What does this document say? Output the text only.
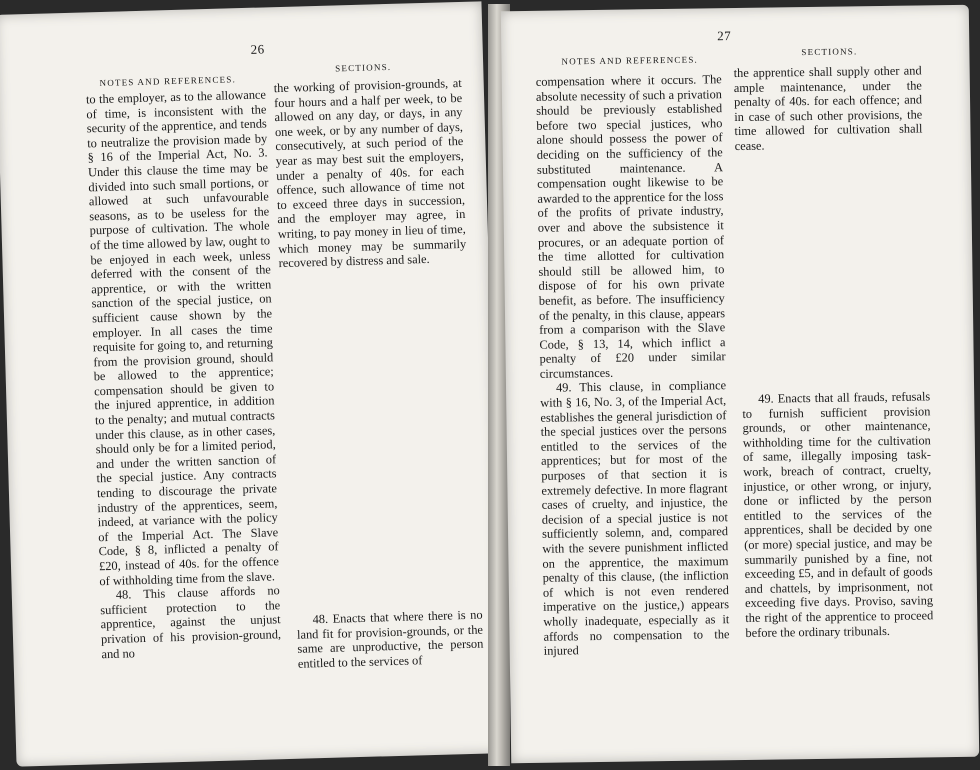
26
NOTES AND REFERENCES.
SECTIONS.

to the employer, as to the allowance of time, is inconsistent with the security of the apprentice, and tends to neutralize the provision made by § 16 of the Imperial Act, No. 3. Under this clause the time may be divided into such small portions, or allowed at such unfavourable seasons, as to be useless for the purpose of cultivation. The whole of the time allowed by law, ought to be enjoyed in each week, unless deferred with the consent of the apprentice, or with the written sanction of the special justice, on sufficient cause shown by the employer. In all cases the time requisite for going to, and returning from the provision ground, should be allowed to the apprentice; compensation should be given to the injured apprentice, in addition to the penalty; and mutual contracts under this clause, as in other cases, should only be for a limited period, and under the written sanction of the special justice. Any contracts tending to discourage the private industry of the apprentices, seem, indeed, at variance with the policy of the Imperial Act. The Slave Code, § 8, inflicted a penalty of £20, instead of 40s. for the offence of withholding time from the slave.

48. This clause affords no sufficient protection to the apprentice, against the unjust privation of his provision-ground, and no

the working of provision-grounds, at four hours and a half per week, to be allowed on any day, or days, in any one week, or by any number of days, consecutively, at such period of the year as may best suit the employers, under a penalty of 40s. for each offence, such allowance of time not to exceed three days in succession, and the employer may agree, in writing, to pay money in lieu of time, which money may be summarily recovered by distress and sale.

48. Enacts that where there is no land fit for provision-grounds, or the same are unproductive, the person entitled to the services of

27
NOTES AND REFERENCES.
SECTIONS.

compensation where it occurs. The absolute necessity of such a privation should be previously established before two special justices, who alone should possess the power of deciding on the sufficiency of the substituted maintenance. A compensation ought likewise to be awarded to the apprentice for the loss of the profits of private industry, over and above the subsistence it procures, or an adequate portion of the time allotted for cultivation should still be allowed him, to dispose of for his own private benefit, as before. The insufficiency of the penalty, in this clause, appears from a comparison with the Slave Code, § 13, 14, which inflict a penalty of £20 under similar circumstances.

49. This clause, in compliance with § 16, No. 3, of the Imperial Act, establishes the general jurisdiction of the special justices over the persons entitled to the services of the apprentices; but for most of the purposes of that section it is extremely defective. In more flagrant cases of cruelty, and injustice, the decision of a special justice is not sufficiently solemn, and, compared with the severe punishment inflicted on the apprentice, the maximum penalty of this clause, (the infliction of which is not even rendered imperative on the justice,) appears wholly inadequate, especially as it affords no compensation to the injured

the apprentice shall supply other and ample maintenance, under the penalty of 40s. for each offence; and in case of such other provisions, the time allowed for cultivation shall cease.

49. Enacts that all frauds, refusals to furnish sufficient provision grounds, or other maintenance, withholding time for the cultivation of same, illegally imposing task-work, breach of contract, cruelty, injustice, or other wrong, or injury, done or inflicted by the person entitled to the services of the apprentices, shall be decided by one (or more) special justice, and may be summarily punished by a fine, not exceeding £5, and in default of goods and chattels, by imprisonment, not exceeding five days. Proviso, saving the right of the apprentice to proceed before the ordinary tribunals.
